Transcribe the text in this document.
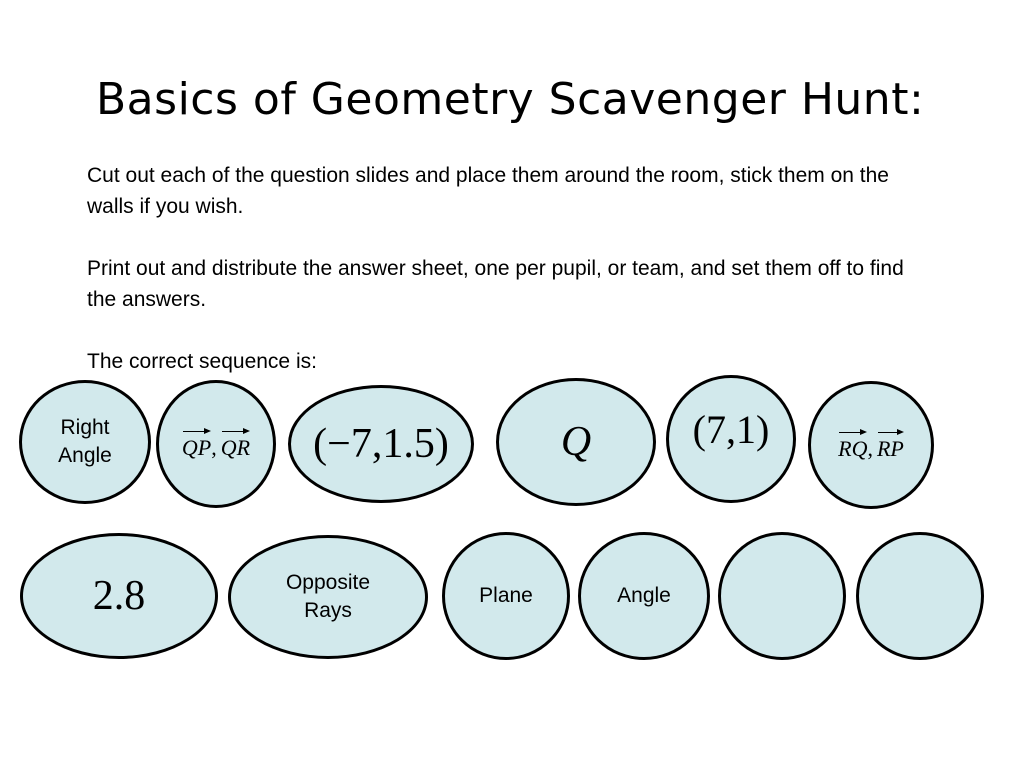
Basics of Geometry Scavenger Hunt:

Cut out each of the question slides and place them around the room, stick them on the walls if you wish.

Print out and distribute the answer sheet, one per pupil, or team, and set them off to find the answers.

The correct sequence is:

Right Angle	QP , QR (−7,1.5)	Q	(7,1)	RQ , RP
2.8	Opposite Rays
Plane	Angle
